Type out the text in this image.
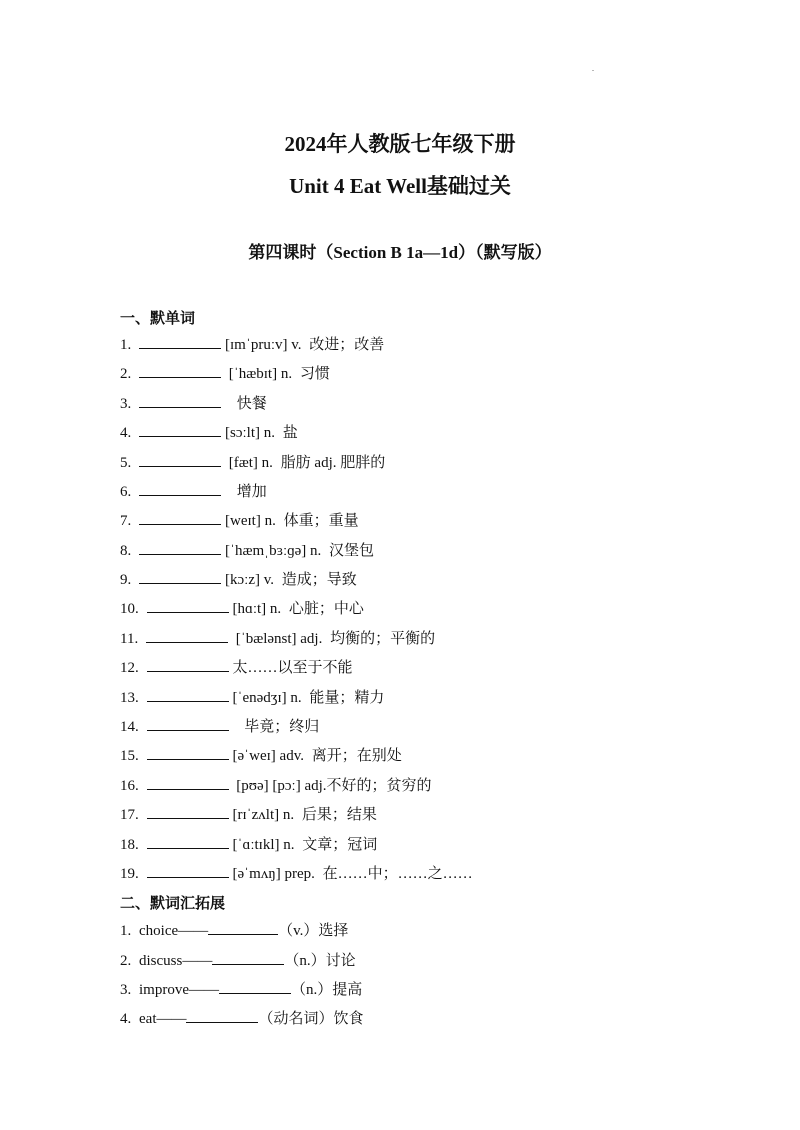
.
2024年人教版七年级下册
Unit 4 Eat Well基础过关
第四课时（Section B 1a—1d）（默写版）
一、默单词
1.	[ɪmˈpruːv] v. 改进；改善
2.	[ˈhæbɪt] n. 习惯
3.	快餐
4.	[sɔːlt] n. 盐
5.	[fæt] n. 脂肪 adj. 肥胖的
6.	增加
7.	[weɪt] n. 体重；重量
8.	[ˈhæmˌbɜːɡə] n. 汉堡包
9.	[kɔːz] v. 造成；导致
10.	[hɑːt] n. 心脏；中心
11.	[ˈbælənst] adj. 均衡的；平衡的
12.	太……以至于不能
13.	[ˈenədʒɪ] n. 能量；精力
14.	毕竟；终归
15.	[əˈweɪ] adv. 离开；在别处
16.	[pʊə] [pɔː] adj.不好的；贫穷的
17.	[rɪˈzʌlt] n. 后果；结果
18.	[ˈɑːtɪkl] n. 文章；冠词
19.	[əˈmʌŋ] prep. 在……中；……之……
二、默词汇拓展
1. choice——	（v.）选择
2. discuss——	（n.）讨论
3. improve——	（n.）提高
4. eat——	（动名词）饮食
